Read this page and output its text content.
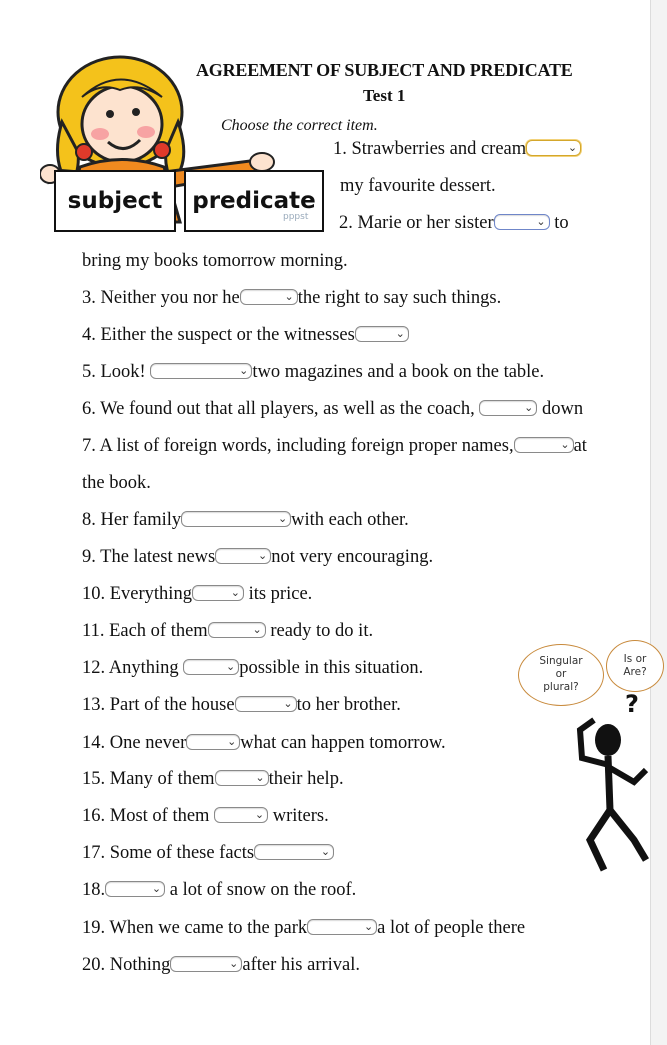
AGREEMENT OF SUBJECT AND PREDICATE
Test 1
Choose the correct item.
subject predicate
pppst
Singular
or
plural?
Is or
Are?
?
1. Strawberries and cream	⌄
my favourite dessert.
2. Marie or her sister	⌄ to
bring my books tomorrow morning.
3. Neither you nor he	⌄ the right to say such things.
4. Either the suspect or the witnesses	⌄
5. Look!	⌄ two magazines and a book on the table.
6. We found out that all players, as well as the coach,	⌄ down
7. A list of foreign words, including foreign proper names,	⌄ at
the book.
8. Her family	⌄ with each other.
9. The latest news	⌄ not very encouraging.
10. Everything	⌄ its price.
11. Each of them	⌄ ready to do it.
12. Anything	⌄ possible in this situation.
13. Part of the house	⌄ to her brother.
14. One never	⌄ what can happen tomorrow.
15. Many of them	⌄ their help.
16. Most of them	⌄ writers.
17. Some of these facts	⌄
18.	⌄ a lot of snow on the roof.
19. When we came to the park	⌄ a lot of people there
20. Nothing	⌄ after his arrival.
